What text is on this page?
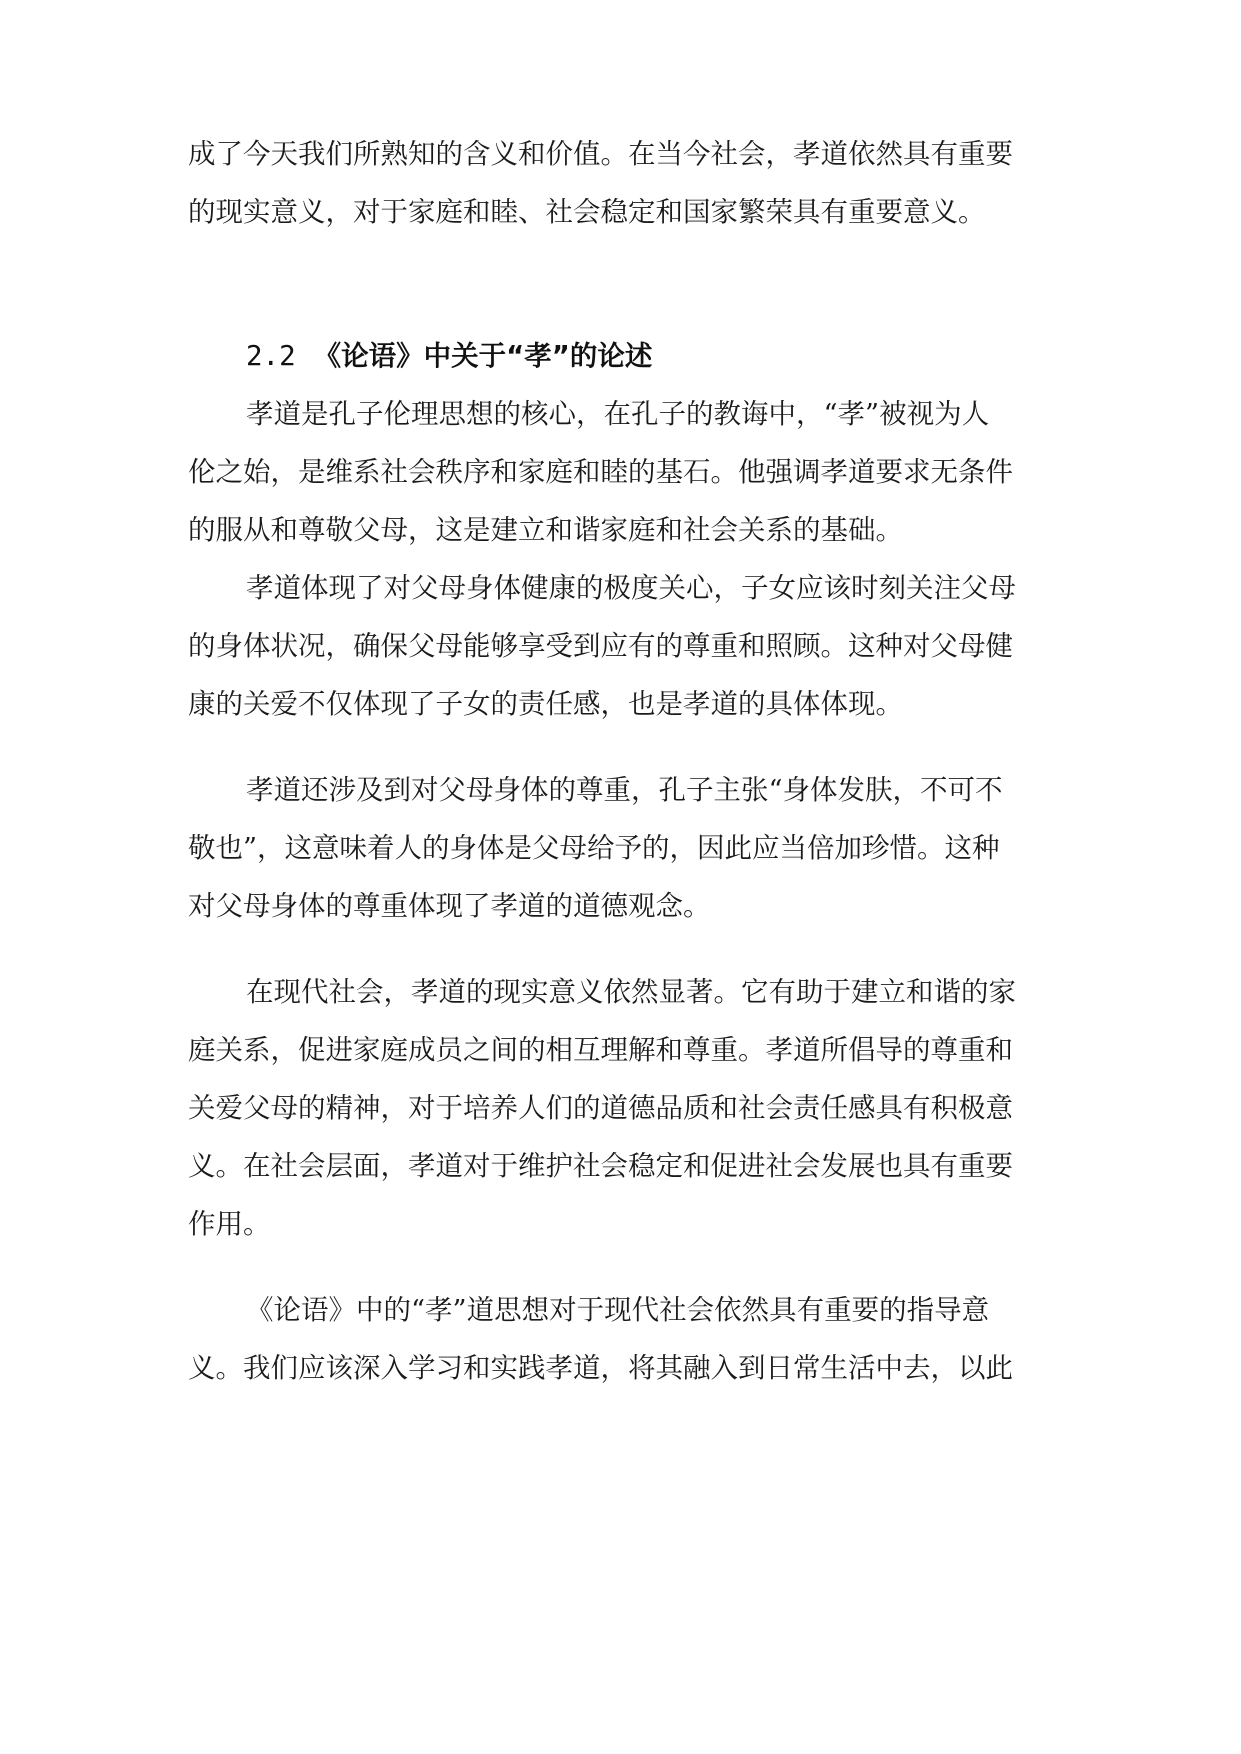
成了今天我们所熟知的含义和价值。在当今社会，孝道依然具有重要
的现实意义，对于家庭和睦、社会稳定和国家繁荣具有重要意义。
2.2 《论语》中关于“孝”的论述
孝道是孔子伦理思想的核心，在孔子的教诲中，“孝”被视为人
伦之始，是维系社会秩序和家庭和睦的基石。他强调孝道要求无条件
的服从和尊敬父母，这是建立和谐家庭和社会关系的基础。
孝道体现了对父母身体健康的极度关心，子女应该时刻关注父母
的身体状况，确保父母能够享受到应有的尊重和照顾。这种对父母健
康的关爱不仅体现了子女的责任感，也是孝道的具体体现。
孝道还涉及到对父母身体的尊重，孔子主张“身体发肤，不可不
敬也”，这意味着人的身体是父母给予的，因此应当倍加珍惜。这种
对父母身体的尊重体现了孝道的道德观念。
在现代社会，孝道的现实意义依然显著。它有助于建立和谐的家
庭关系，促进家庭成员之间的相互理解和尊重。孝道所倡导的尊重和
关爱父母的精神，对于培养人们的道德品质和社会责任感具有积极意
义。在社会层面，孝道对于维护社会稳定和促进社会发展也具有重要
作用。
《论语》中的“孝”道思想对于现代社会依然具有重要的指导意
义。我们应该深入学习和实践孝道，将其融入到日常生活中去，以此
